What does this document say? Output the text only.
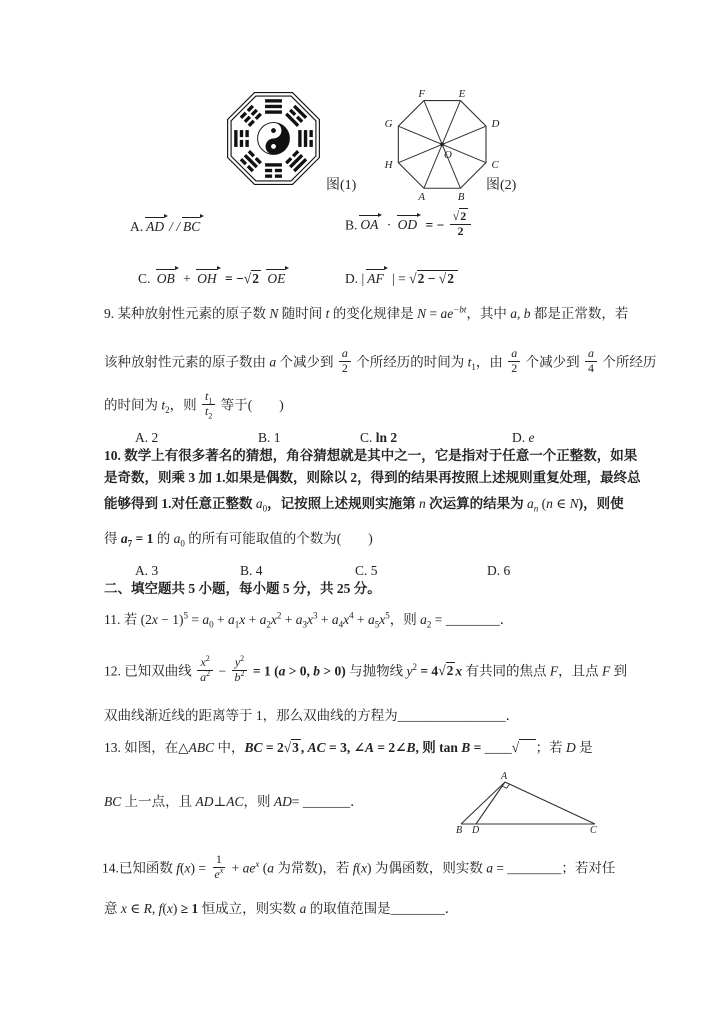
图(1)
F	E
G	D
H	C
A	B
O
图(2)
A. AD / / BC	B. OA · OD = − $\frac{√2}{2}$
C. OB + OH = −√2 OE	D. | AF | = √2 − √2
9. 某种放射性元素的原子数 N 随时间 t 的变化规律是 $N = ae^{-bt}$，其中 a, b 都是正常数，若
该种放射性元素的原子数由 a 个减少到 $\frac{a}{2}$ 个所经历的时间为 $t_1$，由 $\frac{a}{2}$ 个减少到 $\frac{a}{4}$ 个所经历
的时间为 $t_2$，则 $\frac{t_1}{t_2}$ 等于(　　)
A. 2	B. 1	C. ln 2	D. e
10. 数学上有很多著名的猜想，角谷猜想就是其中之一，它是指对于任意一个正整数，如果
是奇数，则乘 3 加 1.如果是偶数，则除以 2，得到的结果再按照上述规则重复处理，最终总
能够得到 1.对任意正整数 $a_0$，记按照上述规则实施第 n 次运算的结果为 $a_n$ (n ∈ N)，则使
得 $a_7 = 1$ 的 $a_0$ 的所有可能取值的个数为(　　)
A. 3	B. 4	C. 5	D. 6
二、填空题共 5 小题，每小题 5 分，共 25 分。
11. 若 $(2x - 1)^5 = a_0 + a_1x + a_2x^2 + a_3x^3 + a_4x^4 + a_5x^5$，则 $a_2$ = ________．
12. 已知双曲线 $\frac{x^2}{a^2} - \frac{y^2}{b^2} = 1$ (a > 0, b > 0) 与抛物线 $y^2 = 4√2$ x 有共同的焦点 F，且点 F 到
双曲线渐近线的距离等于 1，那么双曲线的方程为________________．
13. 如图，在△ABC 中，BC = 2√3 , AC = 3, ∠A = 2∠B, 则 tan B = ____√　 ；若 D 是
BC 上一点，且 AD⊥AC，则 AD= _______．
A
B D	C
14.已知函数 $f(x) = \frac{1}{e^x} + ae^x$ (a 为常数)，若 f(x) 为偶函数，则实数 a = ________；若对任
意 x ∈ R, f(x) ≥ 1 恒成立，则实数 a 的取值范围是________．
